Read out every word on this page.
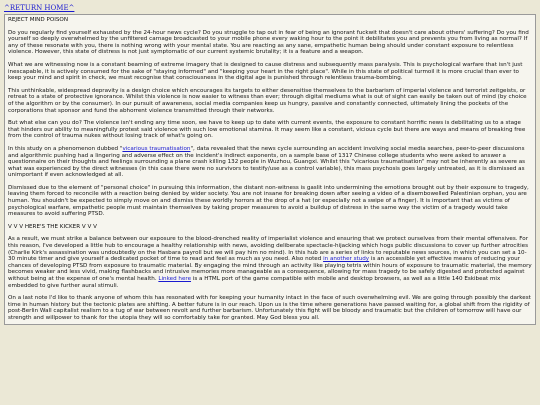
^RETURN HOME^
REJECT MIND POISON

Do you regularly find yourself exhausted by the 24-hour news cycle? Do you struggle to tap out in fear of being an ignorant fuckwit that doesn't care about others' suffering? Do you find yourself so deeply overwhelmed by the unfiltered carnage broadcasted to your mobile phone every waking hour to the point it debilitates you and prevents you from living as normal? If any of these resonate with you, there is nothing wrong with your mental state. You are reacting as any sane, empathetic human being should under constant exposure to relentless violence. However, this state of distress is not just symptomatic of our current systemic brutality; it is a feature and a weapon.

What we are witnessing now is a constant beaming of extreme imagery that is designed to cause distress and subsequently mass paralysis. This is psychological warfare that isn't just inescapable, it is actively consumed for the sake of "staying informed" and "keeping your heart in the right place". While in this state of political turmoil it is more crucial than ever to keep your mind and spirit in check, we must recognise that consciousness in the digital age is punished through relentless trauma-bombing.

This unthinkable, widespread depravity is a design choice which encourages its targets to either desensitise themselves to the barbarism of imperial violence and terrorist zeitgeists, or retreat to a state of protective ignorance. Whilst this violence is now easier to witness than ever; through digital mediums what is out of sight can easily be taken out of mind (by choice of the algorithm or by the consumer). In our pursuit of awareness, social media companies keep us hungry, passive and constantly connected, ultimately lining the pockets of the corporations that sponsor and fund the abhorrent violence transmitted through their networks.

But what else can you do? The violence isn't ending any time soon, we have to keep up to date with current events, the exposure to constant horrific news is debilitating us to a stage that hinders our ability to meaningfully protest said violence with such low emotional stamina. It may seem like a constant, vicious cycle but there are ways and means of breaking free from the control of trauma nukes without losing track of what's going on.

In this study on a phenomenon dubbed "vicarious traumatisation", data revealed that the news cycle surrounding an accident involving social media searches, peer-to-peer discussions and algorithmic pushing had a lingering and adverse effect on the incident's indirect exponents, on a sample base of 1317 Chinese college students who were asked to answer a questionnaire on their thoughts and feelings surrounding a plane crash killing 132 people in Wuzhou, Guangxi. Whilst this "vicarious traumatisation" may not be inherently as severe as what was experienced by the direct witnesses (in this case there were no survivors to testify/use as a control variable), this mass psychosis goes largely untreated, as it is dismissed as unimportant if even acknowledged at all.

Dismissed due to the element of "personal choice" in pursuing this information, the distant non-witness is gaslit into undermining the emotions brought out by their exposure to tragedy, leaving them forced to reconcile with a reaction being denied by wider society. You are not insane for breaking down after seeing a video of a disembowelled Palestinian orphan, you are human. You shouldn't be expected to simply move on and dismiss these worldly horrors at the drop of a hat (or especially not a swipe of a finger). It is important that as victims of psychological warfare, empathetic people must maintain themselves by taking proper measures to avoid a buildup of distress in the same way the victim of a tragedy would take measures to avoid suffering PTSD.

V V V HERE'S THE KICKER V V V

As a result, we must strike a balance between our exposure to the blood-drenched reality of imperialist violence and ensuring that we protect ourselves from their mental offensives. For this reason, I've developed a little hub to encourage a healthy relationship with news, avoiding deliberate spectacle-hijacking which hogs public discussions to cover up further atrocities (Charlie Kirk's assassination was undoubtedly on the Hasbara payroll but we will pay him no mind). In this hub are a series of links to reputable news sources, in which you can set a 10-30 minute timer and give yourself a dedicated pocket of time to read and feel as much as you need. Also noted in another study is an accessible yet effective means of reducing your chances of developing PTSD from exposure to traumatic material. By engaging the mind through an activity like playing tetris within hours of exposure to traumatic material, the memory becomes weaker and less vivid, making flashbacks and intrusive memories more manageable as a consequence, allowing for mass tragedy to be safely digested and protected against without being at the expense of one's mental health. Linked here is a HTML port of the game compatible with mobile and desktop browsers, as well as a little 140 Eskibeat mix embedded to give further aural stimuli.

On a last note I'd like to thank anyone of whom this has resonated with for keeping your humanity intact in the face of such overwhelming evil. We are going through possibly the darkest time in human history but the tectonic plates are shifting. A better future is in our reach. Upon us is the time where generations have passed waiting for, a global shift from the rigidity of post-Berlin Wall capitalist realism to a tug of war between revolt and further barbarism. Unfortunately this fight will be bloody and traumatic but the children of tomorrow will have our strength and willpower to thank for the utopia they will so comfortably take for granted. May God bless you all.
